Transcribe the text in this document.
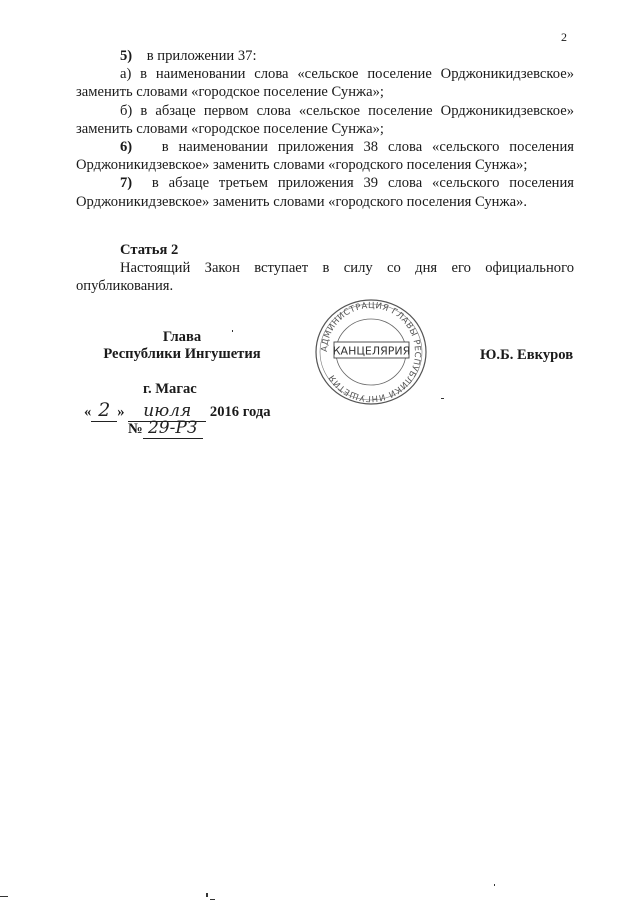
2

5) в приложении 37:

а) в наименовании слова «сельское поселение Орджоникидзевское»

заменить словами «городское поселение Сунжа»;

б) в абзаце первом слова «сельское поселение Орджоникидзевское»

заменить словами «городское поселение Сунжа»;

6) в наименовании приложения 38 слова «сельского поселения

Орджоникидзевское» заменить словами «городского поселения Сунжа»;

7) в абзаце третьем приложения 39 слова «сельского поселения

Орджоникидзевское» заменить словами «городского поселения Сунжа».

Статья 2

Настоящий Закон вступает в силу со дня его официального

опубликования.

Глава
Республики Ингушетия	Ю.Б. Евкуров
АДМИНИСТРАЦИЯ ГЛАВЫ РЕСПУБЛИКИ ИНГУШЕТИЯ
КАНЦЕЛЯРИЯ
г. Магас
« 2 » июля 2016 года
№ 29-РЗ
